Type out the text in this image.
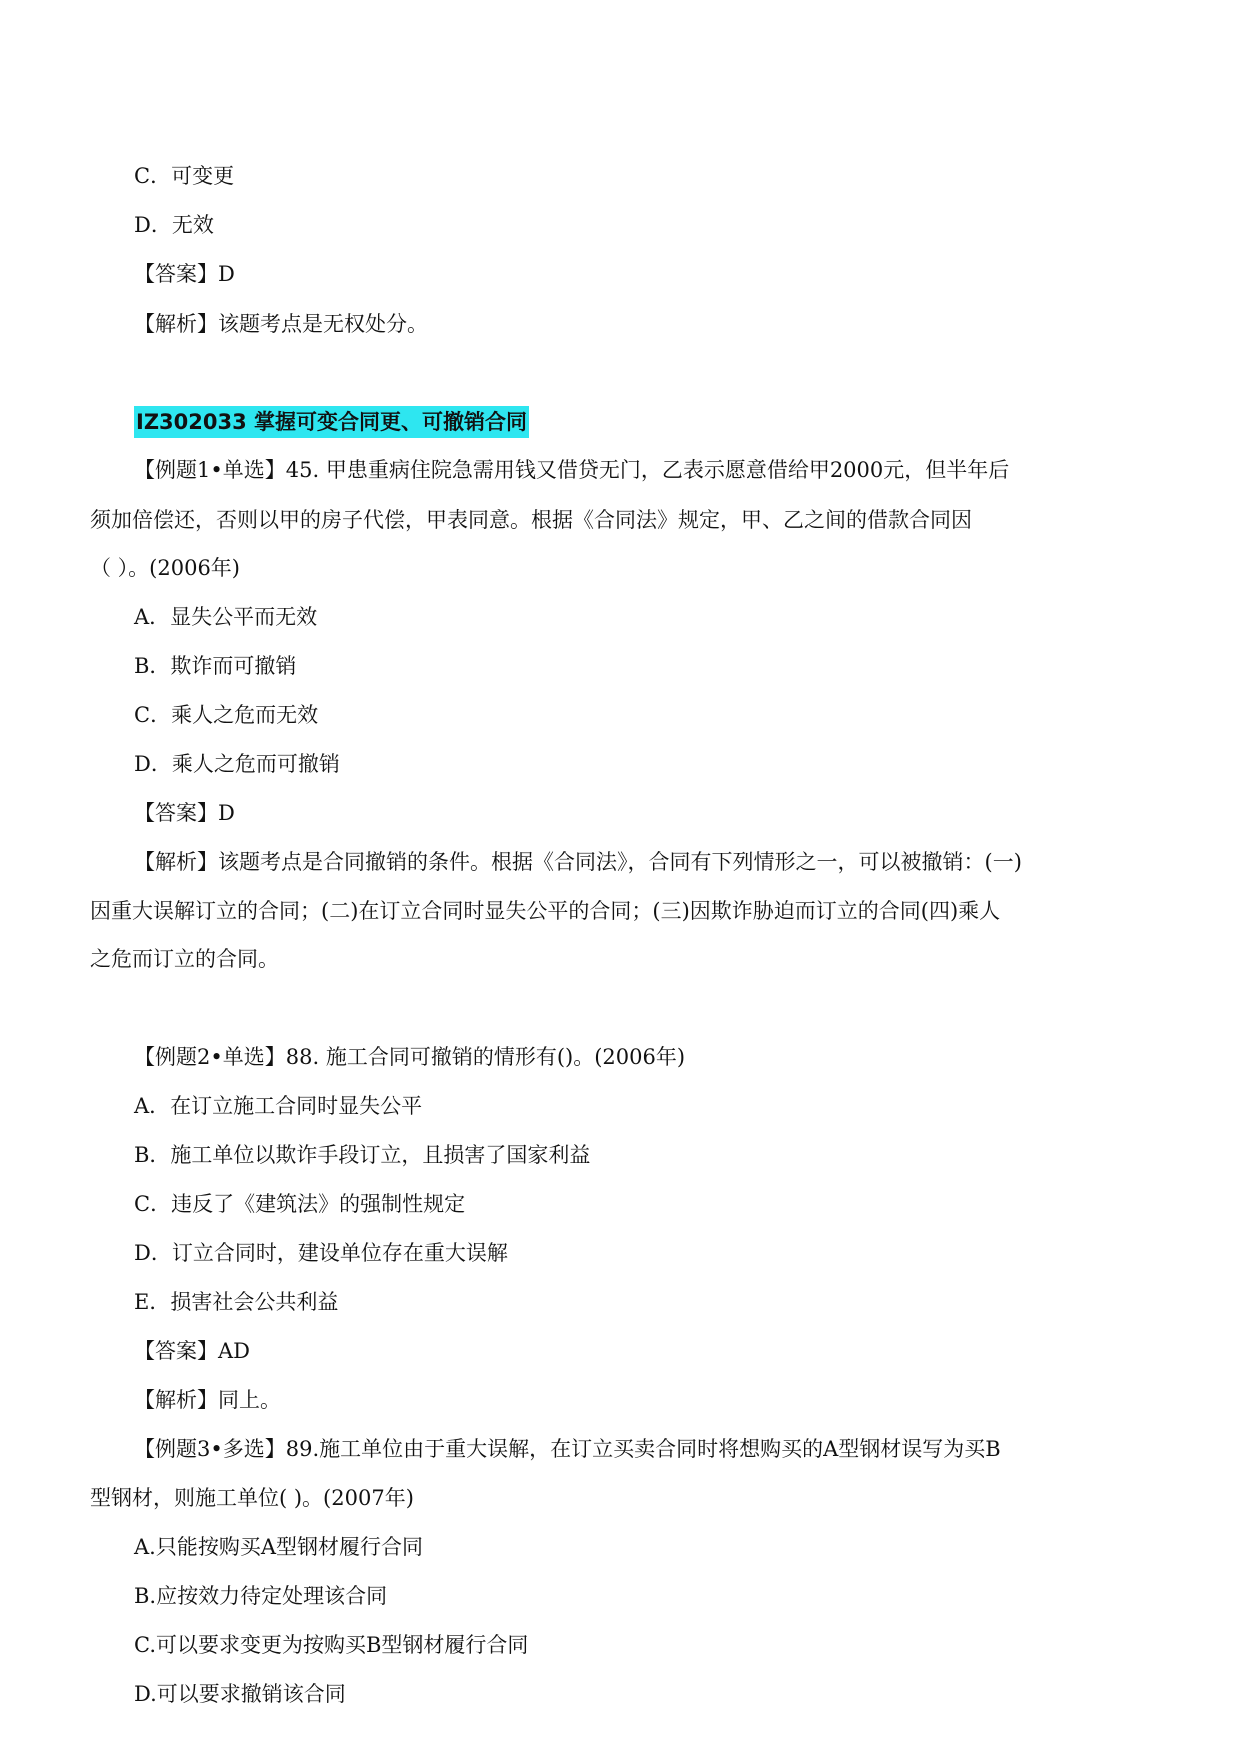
C．可变更
D．无效
【答案】D
【解析】该题考点是无权处分。
IZ302033 掌握可变合同更、可撤销合同
【例题1•单选】45. 甲患重病住院急需用钱又借贷无门，乙表示愿意借给甲2000元，但半年后
须加倍偿还，否则以甲的房子代偿，甲表同意。根据《合同法》规定，甲、乙之间的借款合同因
（ ）。(2006年)
A．显失公平而无效
B．欺诈而可撤销
C．乘人之危而无效
D．乘人之危而可撤销
【答案】D
【解析】该题考点是合同撤销的条件。根据《合同法》，合同有下列情形之一，可以被撤销：(一)
因重大误解订立的合同；(二)在订立合同时显失公平的合同；(三)因欺诈胁迫而订立的合同(四)乘人
之危而订立的合同。
【例题2•单选】88. 施工合同可撤销的情形有()。(2006年)
A．在订立施工合同时显失公平
B．施工单位以欺诈手段订立，且损害了国家利益
C．违反了《建筑法》的强制性规定
D．订立合同时，建设单位存在重大误解
E．损害社会公共利益
【答案】AD
【解析】同上。
【例题3•多选】89.施工单位由于重大误解，在订立买卖合同时将想购买的A型钢材误写为买B
型钢材，则施工单位( )。(2007年)
A.只能按购买A型钢材履行合同
B.应按效力待定处理该合同
C.可以要求变更为按购买B型钢材履行合同
D.可以要求撤销该合同
